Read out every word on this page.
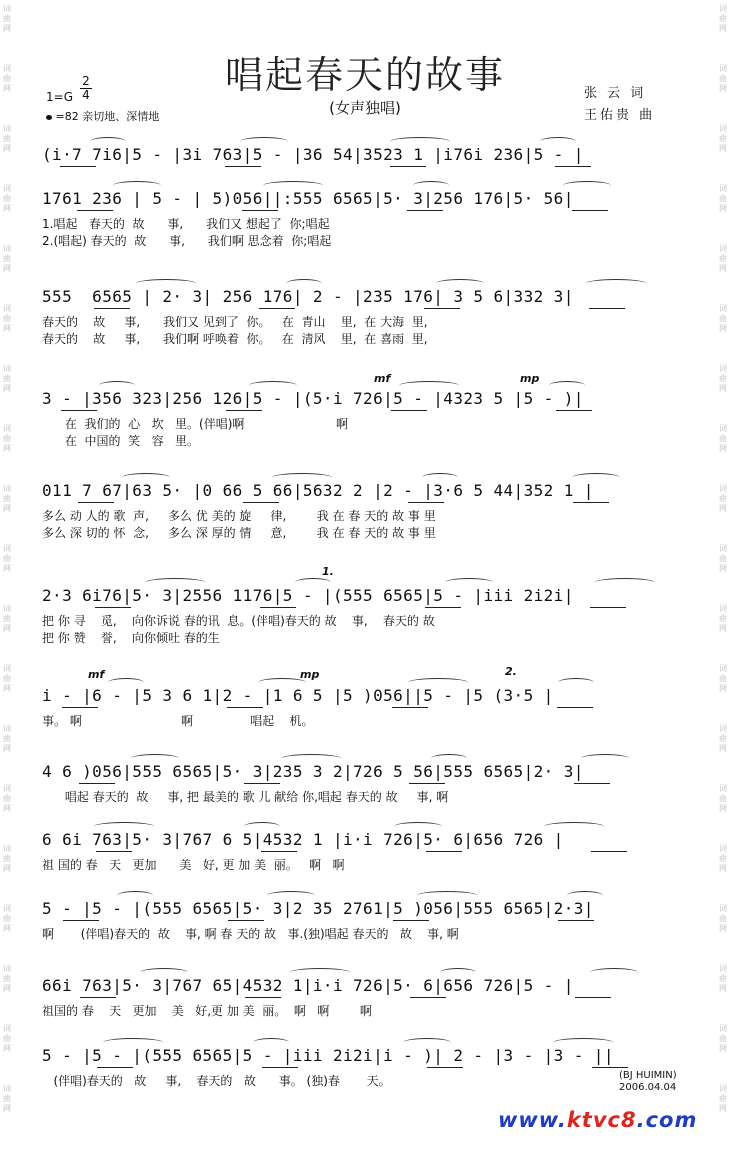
词
曲
网
词
曲
网
词
曲
网
词
曲
网
词
曲
网
词
曲
网
词
曲
网
词
曲
网
词
曲
网
词
曲
网
词
曲
网
词
曲
网
词
曲
网
词
曲
网
词
曲
网
词
曲
网
词
曲
网
词
曲
网
词
曲
网
词
曲
网
词
曲
网
词
曲
网
词
曲
网
词
曲
网
词
曲
网
词
曲
网
词
曲
网
词
曲
网
词
曲
网
词
曲
网
词
曲
网
词
曲
网
词
曲
网
词
曲
网
词
曲
网
词
曲
网
词
曲
网
词
曲
网
唱起春天的故事
(女声独唱)
张 云 词
王佑贵 曲
1=G
2
4
=82 亲切地、深情地
(i·7 7i6|5 - |3i 763|5 - |36 54|3523 1 |i76i 236|5 - |
1761 236 | 5 - | 5)056||:555 6565|5· 3|256 176|5· 56|
1.唱起   春天的  故      事,      我们又 想起了  你;唱起
2.(唱起) 春天的  故      事,      我们啊 思念着  你;唱起
555  6565 | 2· 3| 256 176| 2 - |235 176| 3 5 6|332 3|
春天的    故     事,      我们又 见到了  你。   在  青山    里,  在 大海  里,
春天的    故     事,      我们啊 呼唤着  你。   在  清风    里,  在 喜雨  里,
3 - |356 323|256 126|5 - |(5·i 726|5 - |4323 5 |5 - )|
在  我们的  心   坎   里。(伴唱)啊                        啊
在  中国的  笑   容   里。
011 7 67|63 5· |0 66 5 66|5632 2 |2 - |3·6 5 44|352 1 |
多么 动 人的 歌  声,     多么 优 美的 旋     律,        我 在 春 天的 故 事 里
多么 深 切的 怀  念,     多么 深 厚的 情     意,        我 在 春 天的 故 事 里
2·3 6i76|5· 3|2556 1176|5 - |(555 6565|5 - |iii 2i2i|
把 你 寻    觅,    向你诉说 春的讯  息。(伴唱)春天的 故    事,    春天的 故
把 你 赞    誉,    向你倾吐 春的生
i - |6 - |5 3 6 1|2 - |1 6 5 |5 )056||5 - |5 (3·5 |
事。 啊                          啊               唱起    机。
4 6 )056|555 6565|5· 3|235 3 2|726 5 56|555 6565|2· 3|
唱起 春天的  故     事, 把 最美的 歌 儿 献给 你,唱起 春天的 故     事, 啊
6 6i 763|5· 3|767 6 5|4532 1 |i·i 726|5· 6|656 726 |
祖 国的 春   天   更加      美   好, 更 加 美  丽。   啊   啊
5 - |5 - |(555 6565|5· 3|2 35 2761|5 )056|555 6565|2·3|
啊       (伴唱)春天的  故    事, 啊 春 天的 故   事.(独)唱起 春天的   故    事, 啊
66i 763|5· 3|767 65|4532 1|i·i 726|5· 6|656 726|5 - |
祖国的 春    天   更加    美   好,更 加 美  丽。  啊   啊        啊
5 - |5 - |(555 6565|5 - |iii 2i2i|i - )| 2 - |3 - |3 - ||
(伴唱)春天的   故     事,    春天的   故      事。 (独)春       天。
mf	mp
mf	mp
1.
2.
(BJ HUIMIN)
2006.04.04
www.ktvc8.com
